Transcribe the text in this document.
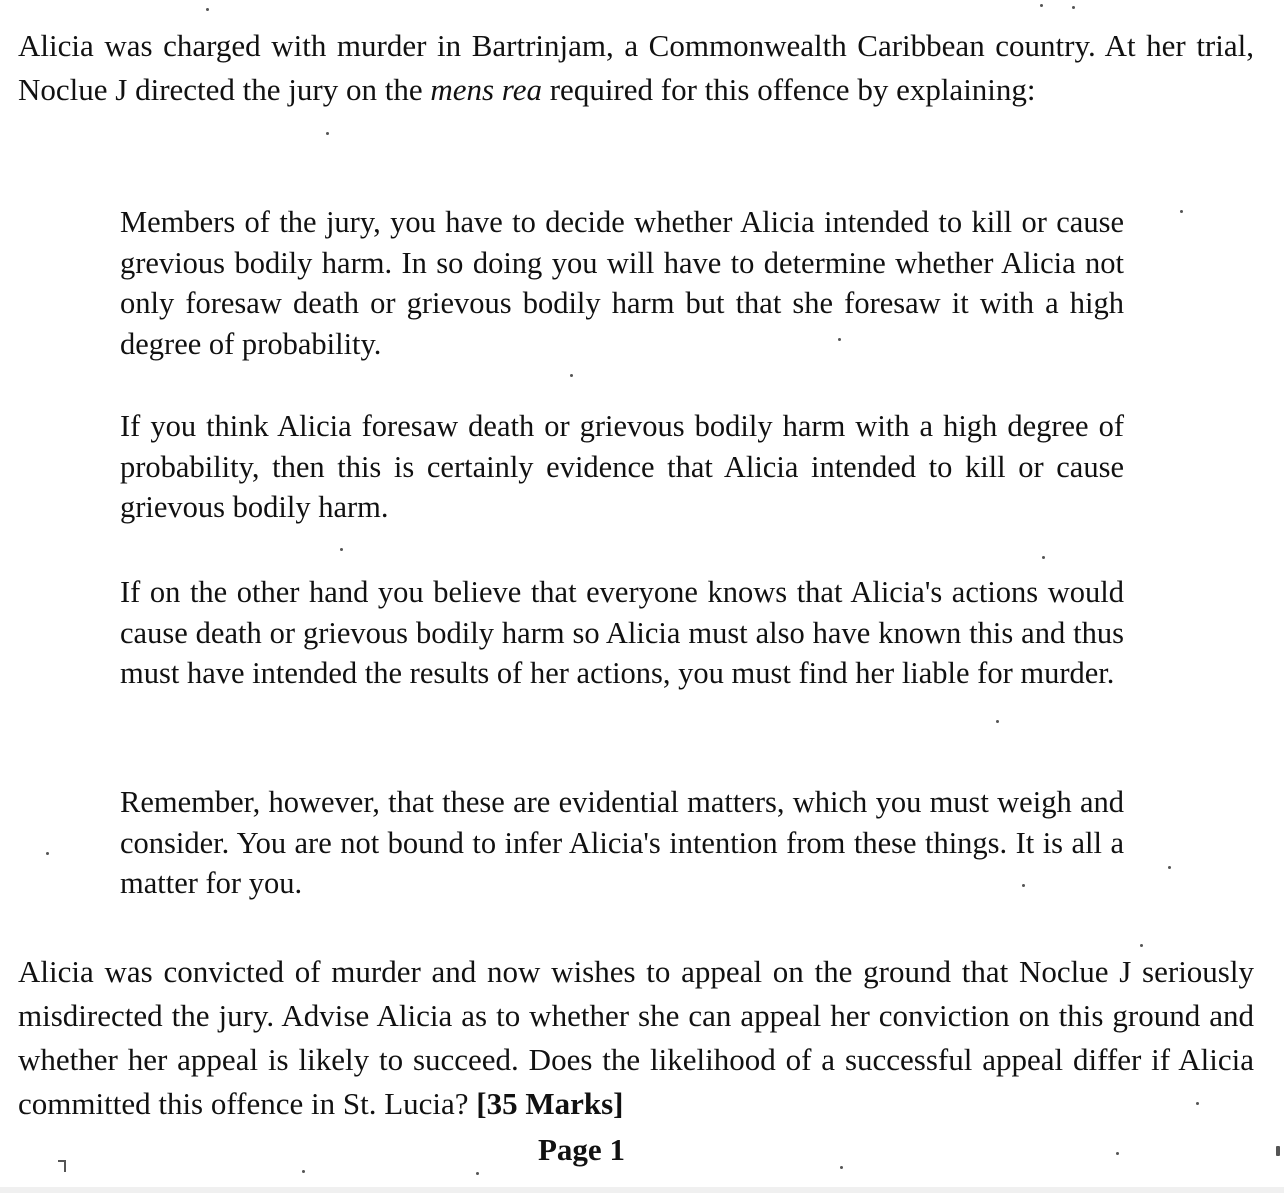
Alicia was charged with murder in Bartrinjam, a Commonwealth Caribbean country. At her trial, Noclue J directed the jury on the mens rea required for this offence by explaining:

Members of the jury, you have to decide whether Alicia intended to kill or cause grevious bodily harm. In so doing you will have to determine whether Alicia not only foresaw death or grievous bodily harm but that she foresaw it with a high degree of probability.

If you think Alicia foresaw death or grievous bodily harm with a high degree of probability, then this is certainly evidence that Alicia intended to kill or cause grievous bodily harm.

If on the other hand you believe that everyone knows that Alicia's actions would cause death or grievous bodily harm so Alicia must also have known this and thus must have intended the results of her actions, you must find her liable for murder.

Remember, however, that these are evidential matters, which you must weigh and consider. You are not bound to infer Alicia's intention from these things. It is all a matter for you.

Alicia was convicted of murder and now wishes to appeal on the ground that Noclue J seriously misdirected the jury. Advise Alicia as to whether she can appeal her conviction on this ground and whether her appeal is likely to succeed. Does the likelihood of a successful appeal differ if Alicia committed this offence in St. Lucia? [35 Marks]

Page 1
